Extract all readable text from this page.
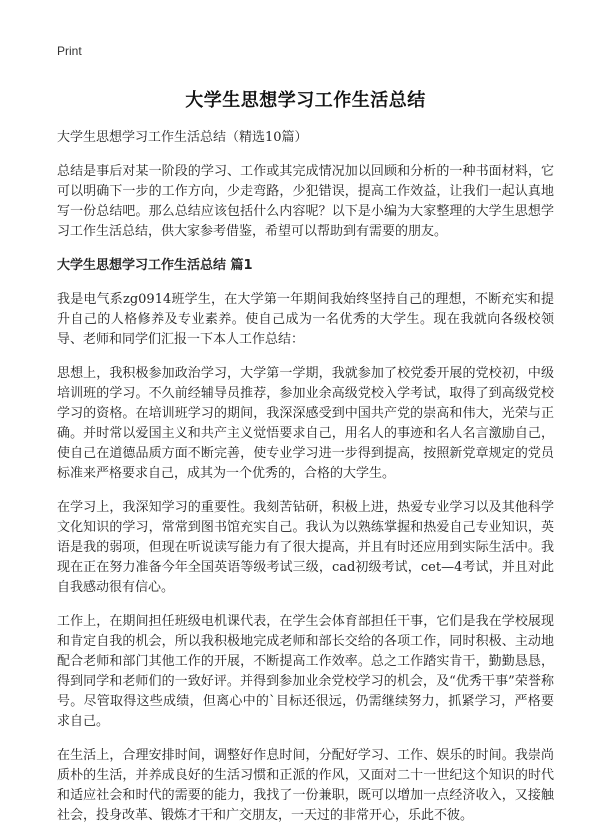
Print
大学生思想学习工作生活总结
大学生思想学习工作生活总结（精选10篇）

总结是事后对某一阶段的学习、工作或其完成情况加以回顾和分析的一种书面材料，它可以明确下一步的工作方向，少走弯路，少犯错误，提高工作效益，让我们一起认真地写一份总结吧。那么总结应该包括什么内容呢？以下是小编为大家整理的大学生思想学习工作生活总结，供大家参考借鉴，希望可以帮助到有需要的朋友。

大学生思想学习工作生活总结 篇1

我是电气系zg0914班学生，在大学第一年期间我始终坚持自己的理想，不断充实和提升自己的人格修养及专业素养。使自己成为一名优秀的大学生。现在我就向各级校领导、老师和同学们汇报一下本人工作总结：

思想上，我积极参加政治学习，大学第一学期，我就参加了校党委开展的党校初，中级培训班的学习。不久前经辅导员推荐，参加业余高级党校入学考试，取得了到高级党校学习的资格。在培训班学习的期间，我深深感受到中国共产党的崇高和伟大，光荣与正确。并时常以爱国主义和共产主义觉悟要求自己，用名人的事迹和名人名言激励自己，使自己在道德品质方面不断完善，使专业学习进一步得到提高，按照新党章规定的党员标准来严格要求自己，成其为一个优秀的，合格的大学生。

在学习上，我深知学习的重要性。我刻苦钻研，积极上进，热爱专业学习以及其他科学文化知识的学习，常常到图书馆充实自己。我认为以熟练掌握和热爱自己专业知识，英语是我的弱项，但现在听说读写能力有了很大提高，并且有时还应用到实际生活中。我现在正在努力准备今年全国英语等级考试三级，cad初级考试，cet—4考试，并且对此自我感动很有信心。

工作上，在期间担任班级电机课代表，在学生会体育部担任干事，它们是我在学校展现和肯定自我的机会，所以我积极地完成老师和部长交给的各项工作，同时积极、主动地配合老师和部门其他工作的开展，不断提高工作效率。总之工作踏实肯干，勤勤恳恳，得到同学和老师们的一致好评。并得到参加业余党校学习的机会，及“优秀干事”荣誉称号。尽管取得这些成绩，但离心中的`目标还很远，仍需继续努力，抓紧学习，严格要求自己。

在生活上，合理安排时间，调整好作息时间，分配好学习、工作、娱乐的时间。我崇尚质朴的生活，并养成良好的生活习惯和正派的作风，又面对二十一世纪这个知识的时代和适应社会和时代的需要的能力，我找了一份兼职，既可以增加一点经济收入，又接触社会，投身改革、锻炼才干和广交朋友，一天过的非常开心，乐此不彼。
